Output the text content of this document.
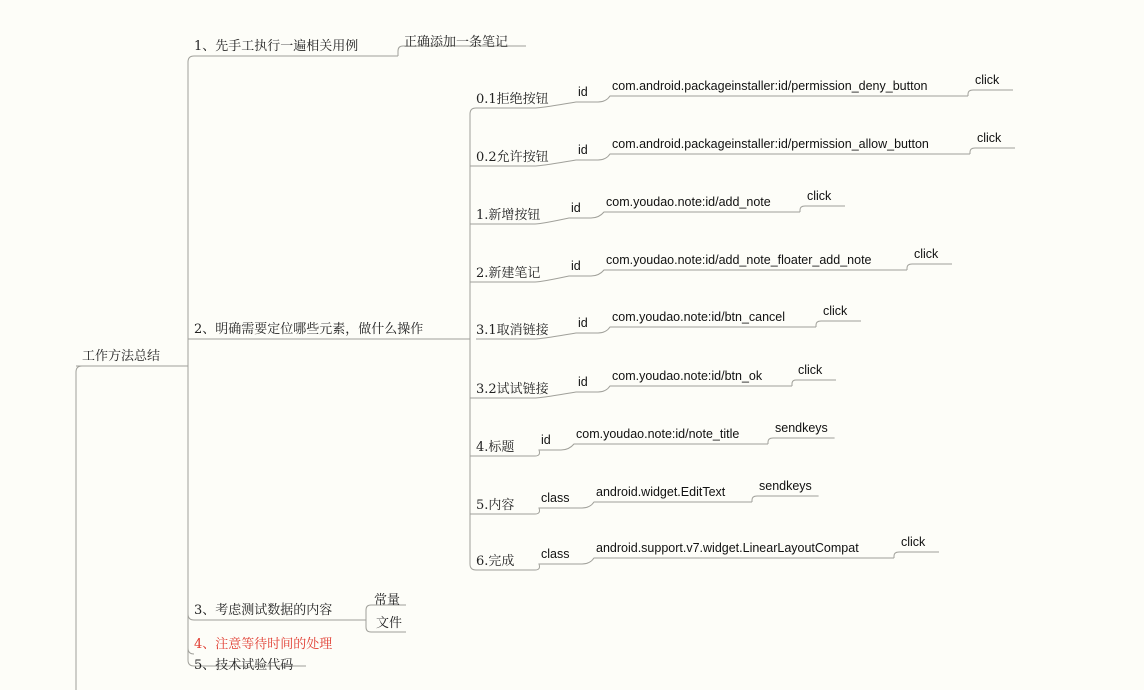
工作方法总结
1、先手工执行一遍相关用例	正确添加一条笔记
2、明确需要定位哪些元素，做什么操作
3、考虑测试数据的内容
常量
文件
4、注意等待时间的处理
5、技术试验代码
0.1拒绝按钮 id com.android.packageinstaller:id/permission_deny_button	click
0.2允许按钮 id com.android.packageinstaller:id/permission_allow_button	click
1.新增按钮 id com.youdao.note:id/add_note	click
2.新建笔记 id com.youdao.note:id/add_note_floater_add_note	click
3.1取消链接 id com.youdao.note:id/btn_cancel	click
3.2试试链接 id com.youdao.note:id/btn_ok	click
4.标题 id com.youdao.note:id/note_title	sendkeys
5.内容 class android.widget.EditText	sendkeys
6.完成 class android.support.v7.widget.LinearLayoutCompat	click
